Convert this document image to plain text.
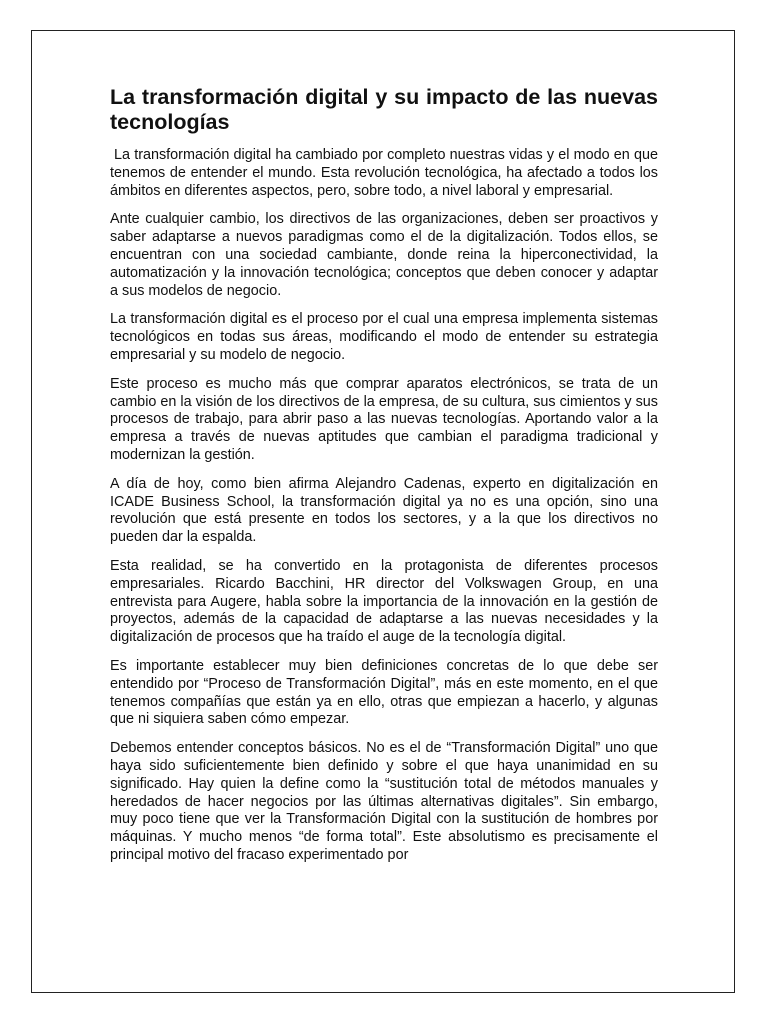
La transformación digital y su impacto de las nuevas tecnologías

La transformación digital ha cambiado por completo nuestras vidas y el modo en que tenemos de entender el mundo. Esta revolución tecnológica, ha afectado a todos los ámbitos en diferentes aspectos, pero, sobre todo, a nivel laboral y empresarial.

Ante cualquier cambio, los directivos de las organizaciones, deben ser proactivos y saber adaptarse a nuevos paradigmas como el de la digitalización. Todos ellos, se encuentran con una sociedad cambiante, donde reina la hiperconectividad, la automatización y la innovación tecnológica; conceptos que deben conocer y adaptar a sus modelos de negocio.

La transformación digital es el proceso por el cual una empresa implementa sistemas tecnológicos en todas sus áreas, modificando el modo de entender su estrategia empresarial y su modelo de negocio.

Este proceso es mucho más que comprar aparatos electrónicos, se trata de un cambio en la visión de los directivos de la empresa, de su cultura, sus cimientos y sus procesos de trabajo, para abrir paso a las nuevas tecnologías. Aportando valor a la empresa a través de nuevas aptitudes que cambian el paradigma tradicional y modernizan la gestión.

A día de hoy, como bien afirma Alejandro Cadenas, experto en digitalización en ICADE Business School, la transformación digital ya no es una opción, sino una revolución que está presente en todos los sectores, y a la que los directivos no pueden dar la espalda.

Esta realidad, se ha convertido en la protagonista de diferentes procesos empresariales. Ricardo Bacchini, HR director del Volkswagen Group, en una entrevista para Augere, habla sobre la importancia de la innovación en la gestión de proyectos, además de la capacidad de adaptarse a las nuevas necesidades y la digitalización de procesos que ha traído el auge de la tecnología digital.

Es importante establecer muy bien definiciones concretas de lo que debe ser entendido por “Proceso de Transformación Digital”, más en este momento, en el que tenemos compañías que están ya en ello, otras que empiezan a hacerlo, y algunas que ni siquiera saben cómo empezar.

Debemos entender conceptos básicos. No es el de “Transformación Digital” uno que haya sido suficientemente bien definido y sobre el que haya unanimidad en su significado. Hay quien la define como la “sustitución total de métodos manuales y heredados de hacer negocios por las últimas alternativas digitales”. Sin embargo, muy poco tiene que ver la Transformación Digital con la sustitución de hombres por máquinas. Y mucho menos “de forma total”. Este absolutismo es precisamente el principal motivo del fracaso experimentado por
